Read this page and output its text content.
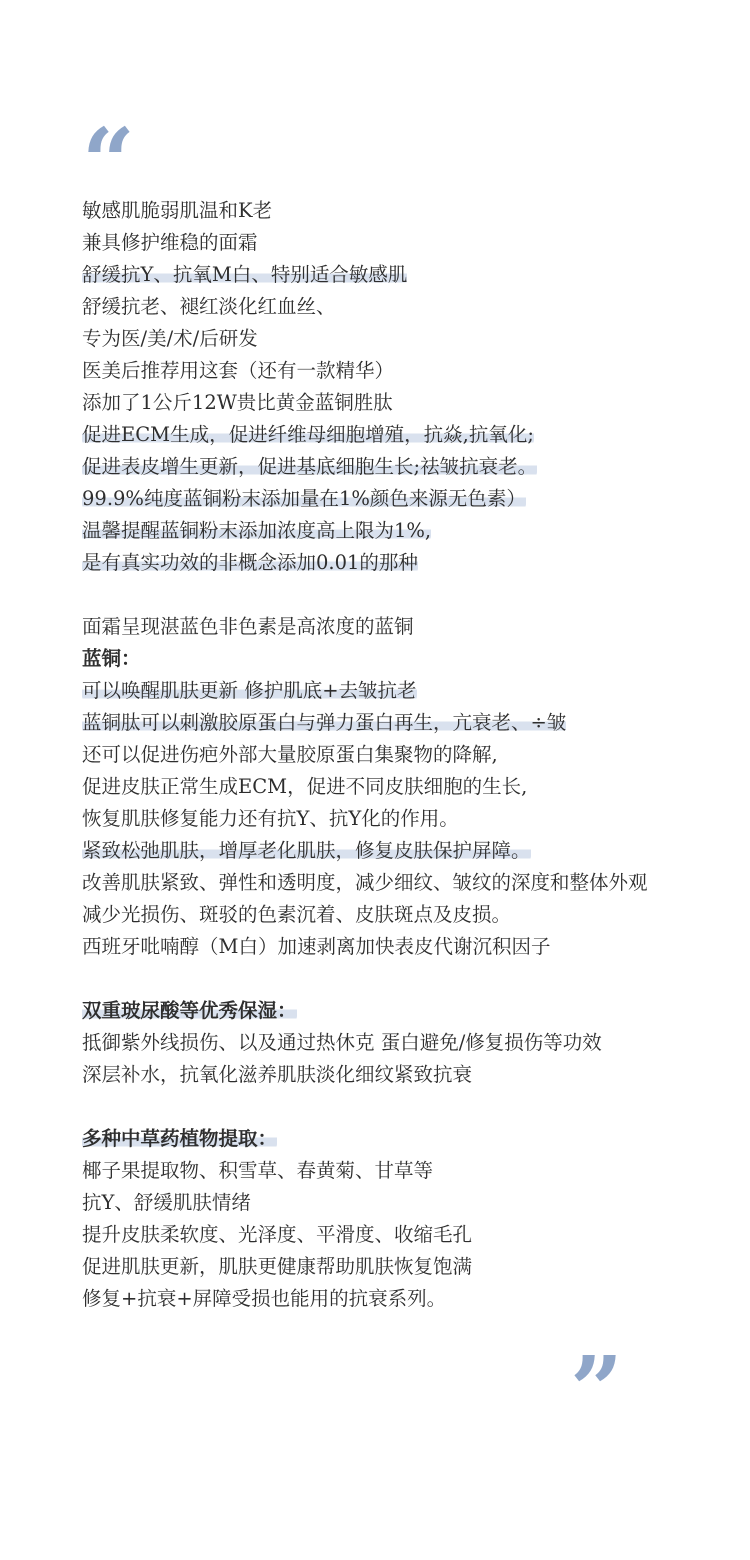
“
敏感肌脆弱肌温和K老
兼具修护维稳的面霜
舒缓抗Y、抗氧M白、特别适合敏感肌
舒缓抗老、褪红淡化红血丝、
专为医/美/术/后研发
医美后推荐用这套（还有一款精华）
添加了1公斤12W贵比黄金蓝铜胜肽
促进ECM生成，促进纤维母细胞增殖，抗焱,抗氧化;
促进表皮增生更新，促进基底细胞生长;祛皱抗衰老。
99.9%纯度蓝铜粉末添加量在1%颜色来源无色素）
温馨提醒蓝铜粉末添加浓度高上限为1%,
是有真实功效的非概念添加0.01的那种
面霜呈现湛蓝色非色素是高浓度的蓝铜
蓝铜：
可以唤醒肌肤更新 修护肌底+去皱抗老
蓝铜肽可以刺激胶原蛋白与弹力蛋白再生，亢衰老、÷皱
还可以促进伤疤外部大量胶原蛋白集聚物的降解,
促进皮肤正常生成ECM，促进不同皮肤细胞的生长,
恢复肌肤修复能力还有抗Y、抗Y化的作用。
紧致松弛肌肤，增厚老化肌肤，修复皮肤保护屏障。
改善肌肤紧致、弹性和透明度，减少细纹、皱纹的深度和整体外观
减少光损伤、斑驳的色素沉着、皮肤斑点及皮损。
西班牙吡喃醇（M白）加速剥离加快表皮代谢沉积因子
双重玻尿酸等优秀保湿：
抵御紫外线损伤、以及通过热休克 蛋白避免/修复损伤等功效
深层补水，抗氧化滋养肌肤淡化细纹紧致抗衰
多种中草药植物提取：
椰子果提取物、积雪草、春黄菊、甘草等
抗Y、舒缓肌肤情绪
提升皮肤柔软度、光泽度、平滑度、收缩毛孔
促进肌肤更新，肌肤更健康帮助肌肤恢复饱满
修复+抗衰+屏障受损也能用的抗衰系列。
”
